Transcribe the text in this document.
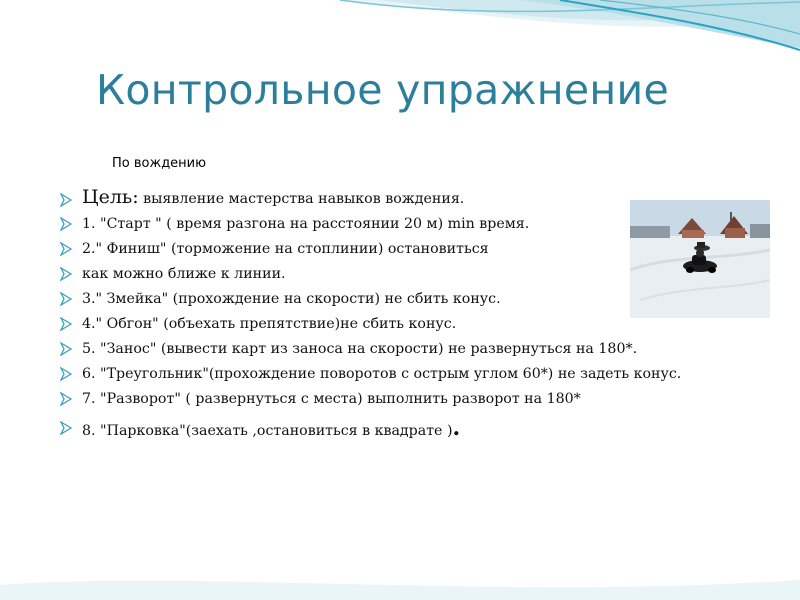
Контрольное упражнение
По вождению
Цель: выявление мастерства навыков вождения.
1. "Старт " ( время разгона на расстоянии 20 м) min время.
2." Финиш" (торможение на стоплинии) остановиться
как можно ближе к линии.
3." Змейка" (прохождение на скорости) не сбить конус.
4." Обгон" (объехать препятствие)не сбить конус.
5. "Занос" (вывести карт из заноса на скорости) не развернуться на 180*.
6. "Треугольник"(прохождение поворотов с острым углом 60*) не задеть конус.
7. "Разворот" ( развернуться с места) выполнить разворот на 180*
8. "Парковка"(заехать ,остановиться в квадрате ).
